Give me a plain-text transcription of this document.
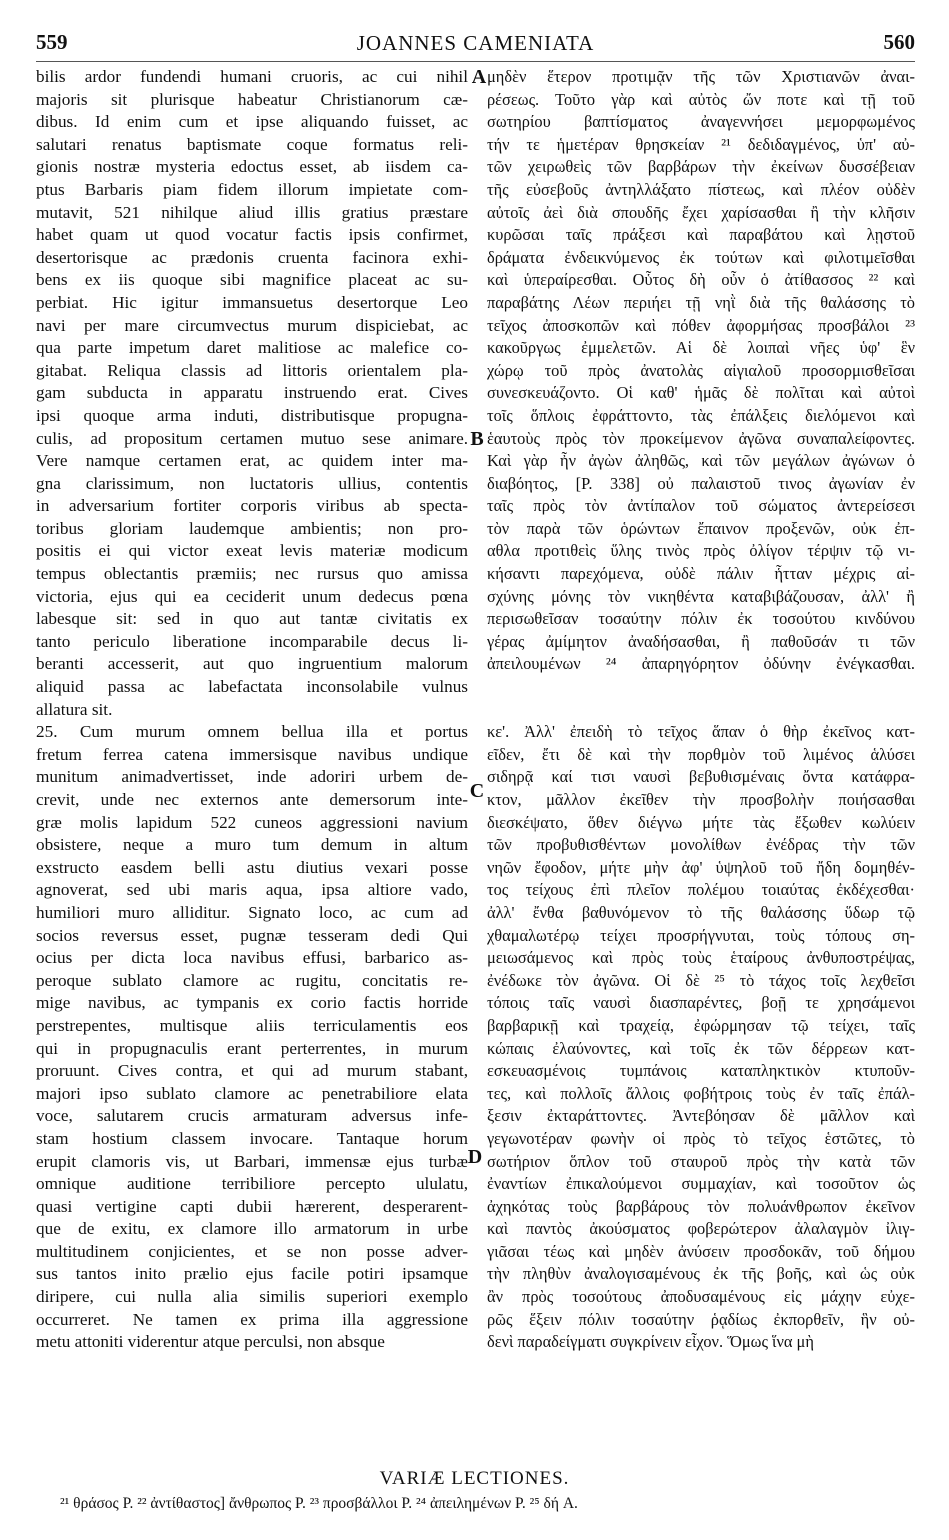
559	JOANNES CAMENIATA	560
bilis ardor fundendi humani cruoris, ac cui nihil
majoris sit plurisque habeatur Christianorum cæ-
dibus. Id enim cum et ipse aliquando fuisset, ac
salutari renatus baptismate coque formatus reli-
gionis nostræ mysteria edoctus esset, ab iisdem ca-
ptus Barbaris piam fidem illorum impietate com-
mutavit, 521 nihilque aliud illis gratius præstare
habet quam ut quod vocatur factis ipsis confirmet,
desertorisque ac prædonis cruenta facinora exhi-
bens ex iis quoque sibi magnifice placeat ac su-
perbiat. Hic igitur immansuetus desertorque Leo
navi per mare circumvectus murum dispiciebat, ac
qua parte impetum daret malitiose ac malefice co-
gitabat. Reliqua classis ad littoris orientalem pla-
gam subducta in apparatu instruendo erat. Cives
ipsi quoque arma induti, distributisque propugna-
culis, ad propositum certamen mutuo sese animare.
Vere namque certamen erat, ac quidem inter ma-
gna clarissimum, non luctatoris ullius, contentis
in adversarium fortiter corporis viribus ab specta-
toribus gloriam laudemque ambientis; non pro-
positis ei qui victor exeat levis materiæ modicum
tempus oblectantis præmiis; nec rursus quo amissa
victoria, ejus qui ea ceciderit unum dedecus pœna
labesque sit: sed in quo aut tantæ civitatis ex
tanto periculo liberatione incomparabile decus li-
beranti accesserit, aut quo ingruentium malorum
aliquid passa ac labefactata inconsolabile vulnus
allatura sit.
25. Cum murum omnem bellua illa et portus
fretum ferrea catena immersisque navibus undique
munitum animadvertisset, inde adoriri urbem de-
crevit, unde nec externos ante demersorum inte-
græ molis lapidum 522 cuneos aggressioni navium
obsistere, neque a muro tum demum in altum
exstructo easdem belli astu diutius vexari posse
agnoverat, sed ubi maris aqua, ipsa altiore vado,
humiliori muro alliditur. Signato loco, ac cum ad
socios reversus esset, pugnæ tesseram dedi Qui
ocius per dicta loca navibus effusi, barbarico as-
peroque sublato clamore ac rugitu, concitatis re-
mige navibus, ac tympanis ex corio factis horride
perstrepentes, multisque aliis terriculamentis eos
qui in propugnaculis erant perterrentes, in murum
proruunt. Cives contra, et qui ad murum stabant,
majori ipso sublato clamore ac penetrabiliore elata
voce, salutarem crucis armaturam adversus infe-
stam hostium classem invocare. Tantaque horum
erupit clamoris vis, ut Barbari, immensæ ejus turbæ
omnique auditione terribiliore percepto ululatu,
quasi vertigine capti dubii hærerent, desperarent-
que de exitu, ex clamore illo armatorum in urbe
multitudinem conjicientes, et se non posse adver-
sus tantos inito prælio ejus facile potiri ipsamque
diripere, cui nulla alia similis superiori exemplo
occurreret. Ne tamen ex prima illa aggressione
metu attoniti viderentur atque perculsi, non absque
μηδὲν ἕτερον προτιμᾷν τῆς τῶν Χριστιανῶν ἀναι-
ρέσεως. Τοῦτο γὰρ καὶ αὐτὸς ὤν ποτε καὶ τῇ τοῦ
σωτηρίου βαπτίσματος ἀναγεννήσει μεμορφωμένος
τήν τε ἡμετέραν θρησκείαν ²¹ δεδιδαγμένος, ὑπ' αὐ-
τῶν χειρωθεὶς τῶν βαρβάρων τὴν ἐκείνων δυσσέβειαν
τῆς εὐσεβοῦς ἀντηλλάξατο πίστεως, καὶ πλέον οὐδὲν
αὐτοῖς ἀεὶ διὰ σπουδῆς ἔχει χαρίσασθαι ἢ τὴν κλῆσιν
κυρῶσαι ταῖς πράξεσι καὶ παραβάτου καὶ λῃστοῦ
δράματα ἐνδεικνύμενος ἐκ τούτων καὶ φιλοτιμεῖσθαι
καὶ ὑπεραίρεσθαι. Οὗτος δὴ οὖν ὁ ἀτίθασσος ²² καὶ
παραβάτης Λέων περιήει τῇ νηῒ διὰ τῆς θαλάσσης τὸ
τεῖχος ἀποσκοπῶν καὶ πόθεν ἀφορμήσας προσβάλοι ²³
κακοῦργως ἐμμελετῶν. Αἱ δὲ λοιπαὶ νῆες ὑφ' ἓν
χώρῳ τοῦ πρὸς ἀνατολὰς αἰγιαλοῦ προσορμισθεῖσαι
συνεσκευάζοντο. Οἱ καθ' ἡμᾶς δὲ πολῖται καὶ αὐτοὶ
τοῖς ὅπλοις ἐφράττοντο, τὰς ἐπάλξεις διελόμενοι καὶ
ἑαυτοὺς πρὸς τὸν προκείμενον ἀγῶνα συναπαλείφοντες.
Καὶ γὰρ ἦν ἀγὼν ἀληθῶς, καὶ τῶν μεγάλων ἀγώνων ὁ
διαβόητος, [P. 338] οὐ παλαιστοῦ τινος ἀγωνίαν ἐν
ταῖς πρὸς τὸν ἀντίπαλον τοῦ σώματος ἀντερείσεσι
τὸν παρὰ τῶν ὁρώντων ἔπαινον προξενῶν, οὐκ ἐπ-
αθλα προτιθεὶς ὕλης τινὸς πρὸς ὀλίγον τέρψιν τῷ νι-
κήσαντι παρεχόμενα, οὐδὲ πάλιν ἧτταν μέχρις αἰ-
σχύνης μόνης τὸν νικηθέντα καταβιβάζουσαν, ἀλλ' ἢ
περισωθεῖσαν τοσαύτην πόλιν ἐκ τοσούτου κινδύνου
γέρας ἀμίμητον ἀναδήσασθαι, ἢ παθοῦσάν τι τῶν
ἀπειλουμένων ²⁴ ἀπαρηγόρητον ὀδύνην ἐνέγκασθαι.
κε'. Ἀλλ' ἐπειδὴ τὸ τεῖχος ἅπαν ὁ θὴρ ἐκεῖνος κατ-
εῖδεν, ἔτι δὲ καὶ τὴν πορθμὸν τοῦ λιμένος ἁλύσει
σιδηρᾷ καί τισι ναυσὶ βεβυθισμέναις ὄντα κατάφρα-
κτον, μᾶλλον ἐκεῖθεν τὴν προσβολὴν ποιήσασθαι
διεσκέψατο, ὅθεν διέγνω μήτε τὰς ἔξωθεν κωλύειν
τῶν προβυθισθέντων μονολίθων ἐνέδρας τὴν τῶν
νηῶν ἔφοδον, μήτε μὴν ἀφ' ὑψηλοῦ τοῦ ἤδη δομηθέν-
τος τείχους ἐπὶ πλεῖον πολέμου τοιαύτας ἐκδέχεσθαι·
ἀλλ' ἔνθα βαθυνόμενον τὸ τῆς θαλάσσης ὕδωρ τῷ
χθαμαλωτέρῳ τείχει προσρήγνυται, τοὺς τόπους ση-
μειωσάμενος καὶ πρὸς τοὺς ἑταίρους ἀνθυποστρέψας,
ἐνέδωκε τὸν ἀγῶνα. Οἱ δὲ ²⁵ τὸ τάχος τοῖς λεχθεῖσι
τόποις ταῖς ναυσὶ διασπαρέντες, βοῇ τε χρησάμενοι
βαρβαρικῇ καὶ τραχείᾳ, ἐφώρμησαν τῷ τείχει, ταῖς
κώπαις ἐλαύνοντες, καὶ τοῖς ἐκ τῶν δέρρεων κατ-
εσκευασμένοις τυμπάνοις καταπληκτικὸν κτυποῦν-
τες, καὶ πολλοῖς ἄλλοις φοβήτροις τοὺς ἐν ταῖς ἐπάλ-
ξεσιν ἐκταράττοντες. Ἀντεβόησαν δὲ μᾶλλον καὶ
γεγωνοτέραν φωνὴν οἱ πρὸς τὸ τεῖχος ἑστῶτες, τὸ
σωτήριον ὅπλον τοῦ σταυροῦ πρὸς τὴν κατὰ τῶν
ἐναντίων ἐπικαλούμενοι συμμαχίαν, καὶ τοσοῦτον ὡς
ἀχηκότας τοὺς βαρβάρους τὸν πολυάνθρωπον ἐκεῖνον
καὶ παντὸς ἀκούσματος φοβερώτερον ἀλαλαγμὸν ἰλιγ-
γιᾶσαι τέως καὶ μηδὲν ἀνύσειν προσδοκᾶν, τοῦ δήμου
τὴν πληθὺν ἀναλογισαμένους ἐκ τῆς βοῆς, καὶ ὡς οὐκ
ἂν πρὸς τοσούτους ἀποδυσαμένους εἰς μάχην εὐχε-
ρῶς ἕξειν πόλιν τοσαύτην ῥᾳδίως ἐκπορθεῖν, ἣν οὐ-
δενὶ παραδείγματι συγκρίνειν εἶχον. Ὅμως ἵνα μὴ
A
B
C
D
VARIÆ LECTIONES.
²¹ θράσος P. ²² ἀντίθαστος] ἄνθρωπος P. ²³ προσβάλλοι P. ²⁴ ἀπειλημένων P. ²⁵ δή A.
